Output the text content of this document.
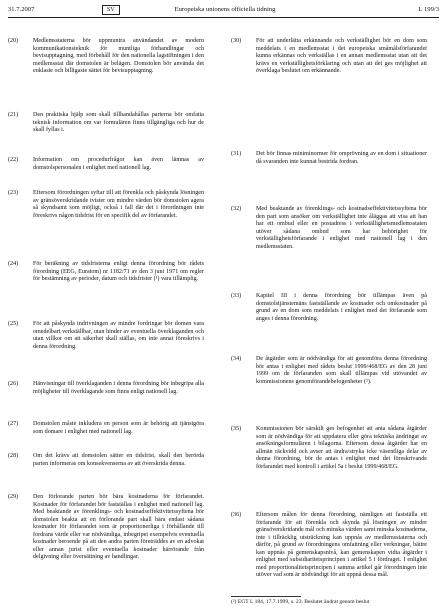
31.7.2007	SV	Europeiska unionens officiella tidning	L 199/3
(20)	Medlemsstaterna bör uppmuntra användandet av modern kommunikationsteknik för muntliga förhandlingar och bevisupptagning, med förbehåll för den nationella lagstiftningen i den medlemsstat där domstolen är belägen. Domstolen bör använda det enklaste och billigaste sättet för bevisupptagning.
(21)	Den praktiska hjälp som skall tillhandahållas parterna bör omfatta teknisk information om var formulären finns tillgängliga och hur de skall fyllas i.
(22)	Information om procedurfrågor kan även lämnas av domstolspersonalen i enlighet med nationell lag.
(23)	Eftersom förordningen syftar till att förenkla och påskynda lösningen av gränsöverskridande tvister om mindre värden bör domstolen agera så skyndsamt som möjligt, också i fall där det i förordningen inte föreskrivs någon tidsfrist för en specifik del av förfarandet.
(24)	För beräkning av tidsfristerna enligt denna förordning bör rådets förordning (EEG, Euratom) nr 1182/71 av den 3 juni 1971 om regler för bestämning av perioder, datum och tidsfrister (¹) vara tillämplig.
(25)	För att påskynda indrivningen av mindre fordringar bör domen vara omedelbart verkställbar, utan hinder av eventuella överklaganden och utan villkor om att säkerhet skall ställas, om inte annat föreskrivs i denna förordning.
(26)	Hänvisningar till överklaganden i denna förordning bör inbegripa alla möjligheter till överklagande som finns enligt nationell lag.
(27)	Domstolen måste inkludera en person som är behörig att tjänstgöra som domare i enlighet med nationell lag.
(28)	Om det krävs att domstolen sätter en tidsfrist, skall den berörda parten informeras om konsekvenserna av att överskrida denna.
(29)	Den förlorande parten bör bära kostnaderna för förfarandet. Kostnader för förfarandet bör fastställas i enlighet med nationell lag. Med beaktande av förenklings- och kostnadseffektivitetssyftena bör domstolen beakta att en förlorande part skall bära endast sådana kostnader för förfarandet som är proportionerliga i förhållande till fordrans värde eller var nödvändiga, inbegripet exempelvis eventuella kostnader beroende på att den andra parten företräddes av en advokat eller annan jurist eller eventuella kostnader härrörande från delgivning eller översättning av handlingar.
(30)	För att underlätta erkännande och verkställighet bör en dom som meddelats i en medlemsstat i det europeiska småmålsförfarandet kunna erkännas och verkställas i en annan medlemsstat utan att det krävs en verkställighetsförklaring och utan att det ges möjlighet att överklaga beslutet om erkännande.
(31)	Det bör finnas miniminormer för omprövning av en dom i situationer då svaranden inte kunnat bestrida fordran.
(32)	Med beaktande av förenklings- och kostnadseffektivitetssyftena bör den part som ansöker om verkställighet inte åläggas att visa att han har ett ombud eller en postadress i verkställighetsmedlemsstaten utöver sådana ombud som har behörighet för verkställighetsförfarande i enlighet med nationell lag i den medlemsstaten.
(33)	Kapitel III i denna förordning bör tillämpas även på domstolstjänstemäns fastställande av kostnader och omkostnader på grund av en dom som meddelats i enlighet med det förfarande som anges i denna förordning.
(34)	De åtgärder som är nödvändiga för att genomföra denna förordning bör antas i enlighet med rådets beslut 1999/468/EG av den 28 juni 1999 om de förfaranden som skall tillämpas vid utövandet av kommissionens genomförandebefogenheter (²).
(35)	Kommissionen bör särskilt ges befogenhet att anta sådana åtgärder som är nödvändiga för att uppdatera eller göra tekniska ändringar av ansökningsformulären i bilagorna. Eftersom dessa åtgärder har en allmän räckvidd och avser att ändra/stryka icke väsentliga delar av denna förordning, bör de antas i enlighet med det föreskrivande förfarandet med kontroll i artikel 5a i beslut 1999/468/EG.
(36)	Eftersom målen för denna förordning, nämligen att fastställa ett förfarande för att förenkla och skynda på lösningen av mindre gränsöverskridande mål och minska värden samt minska kostnaderna, inte i tillräcklig utsträckning kan uppnås av medlemsstaterna och därför, på grund av förordningens omfattning eller verkningar, bättre kan uppnås på gemenskapsnivå, kan gemenskapen vidta åtgärder i enlighet med subsidiaritetsprincipen i artikel 5 i fördraget. I enlighet med proportionalitetsprincipen i samma artikel går förordningen inte utöver vad som är nödvändigt för att uppnå dessa mål.
(²) EGT L 184, 17.7.1999, s. 23. Beslutet ändrat genom beslut
